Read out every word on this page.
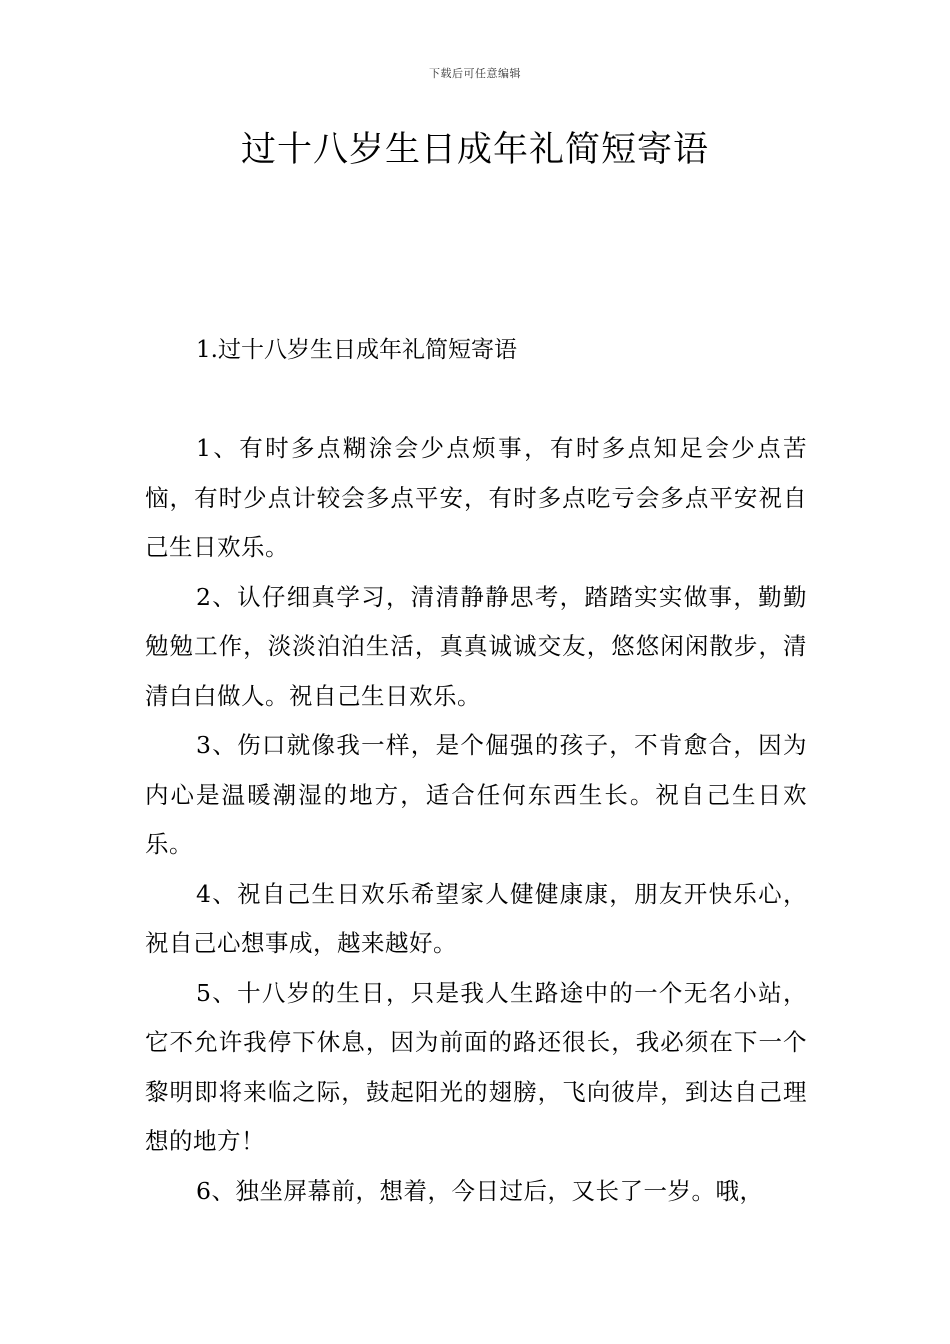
下载后可任意编辑
过十八岁生日成年礼简短寄语
1.过十八岁生日成年礼简短寄语

1、有时多点糊涂会少点烦事，有时多点知足会少点苦恼，有时少点计较会多点平安，有时多点吃亏会多点平安祝自己生日欢乐。

2、认仔细真学习，清清静静思考，踏踏实实做事，勤勤勉勉工作，淡淡泊泊生活，真真诚诚交友，悠悠闲闲散步，清清白白做人。祝自己生日欢乐。

3、伤口就像我一样，是个倔强的孩子，不肯愈合，因为内心是温暖潮湿的地方，适合任何东西生长。祝自己生日欢乐。

4、祝自己生日欢乐希望家人健健康康，朋友开快乐心，祝自己心想事成，越来越好。

5、十八岁的生日，只是我人生路途中的一个无名小站，它不允许我停下休息，因为前面的路还很长，我必须在下一个黎明即将来临之际，鼓起阳光的翅膀，飞向彼岸，到达自己理想的地方！

6、独坐屏幕前，想着，今日过后，又长了一岁。哦，
